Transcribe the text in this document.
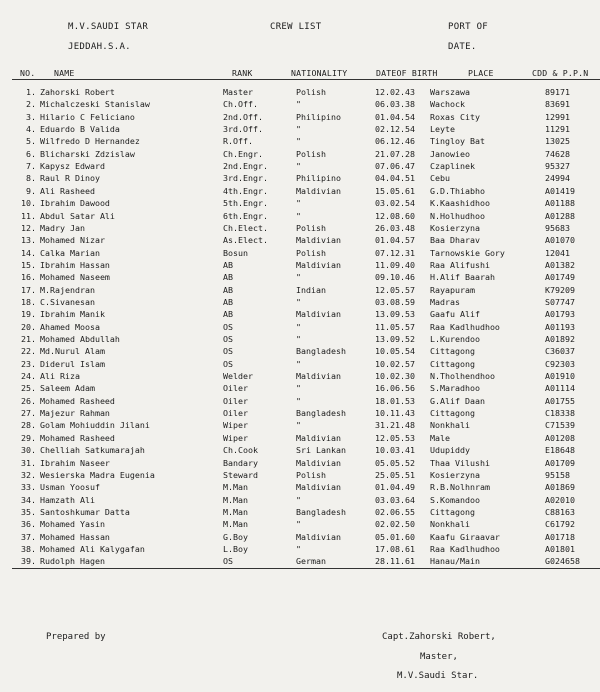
M.V.SAUDI STAR
JEDDAH.S.A.
CREW LIST	PORT OF
DATE.
NO. NAME	RANK	NATIONALITY	DATEOF BIRTH	PLACE	CDD & P.P.N
1. Zahorski Robert	Master	Polish	12.02.43	Warszawa	89171
2. Michalczeski Stanislaw	Ch.Off.	"	06.03.38	Wachock	83691
3. Hilario C Feliciano	2nd.Off.	Philipino	01.04.54	Roxas City	12991
4. Eduardo B Valida	3rd.Off.	"	02.12.54	Leyte	11291
5. Wilfredo D Hernandez	R.Off.	"	06.12.46	Tingloy Bat	13025
6. Blicharski Zdzislaw	Ch.Engr.	Polish	21.07.28	Janowieo	74628
7. Kapysz Edward	2nd.Engr.	"	07.06.47	Czaplinek	95327
8. Raul R Dinoy	3rd.Engr.	Philipino	04.04.51	Cebu	24994
9. Ali Rasheed	4th.Engr.	Maldivian	15.05.61	G.D.Thiabho	A01419
10. Ibrahim Dawood	5th.Engr.	"	03.02.54	K.Kaashidhoo	A01188
11. Abdul Satar Ali	6th.Engr.	"	12.08.60	N.Holhudhoo	A01288
12. Madry Jan	Ch.Elect.	Polish	26.03.48	Kosierzyna	95683
13. Mohamed Nizar	As.Elect.	Maldivian	01.04.57	Baa Dharav	A01070
14. Calka Marian	Bosun	Polish	07.12.31	Tarnowskie Gory	12041
15. Ibrahim Hassan	AB	Maldivian	11.09.40	Raa Alifushi	A01382
16. Mohamed Naseem	AB	"	09.10.46	H.Alif Baarah	A01749
17. M.Rajendran	AB	Indian	12.05.57	Rayapuram	K79209
18. C.Sivanesan	AB	"	03.08.59	Madras	S07747
19. Ibrahim Manik	AB	Maldivian	13.09.53	Gaafu Alif	A01793
20. Ahamed Moosa	OS	"	11.05.57	Raa Kadlhudhoo	A01193
21. Mohamed Abdullah	OS	"	13.09.52	L.Kurendoo	A01892
22. Md.Nurul Alam	OS	Bangladesh	10.05.54	Cittagong	C36037
23. Diderul Islam	OS	"	10.02.57	Cittagong	C92303
24. Ali Riza	Welder	Maldivian	10.02.30	N.Tholhendhoo	A01910
25. Saleem Adam	Oiler	"	16.06.56	S.Maradhoo	A01114
26. Mohamed Rasheed	Oiler	"	18.01.53	G.Alif Daan	A01755
27. Majezur Rahman	Oiler	Bangladesh	10.11.43	Cittagong	C18338
28. Golam Mohiuddin Jilani	Wiper	"	31.21.48	Nonkhali	C71539
29. Mohamed Rasheed	Wiper	Maldivian	12.05.53	Male	A01208
30. Chelliah Satkumarajah	Ch.Cook	Sri Lankan	10.03.41	Udupiddy	E18648
31. Ibrahim Naseer	Bandary	Maldivian	05.05.52	Thaa Vilushi	A01709
32. Wesierska Madra Eugenia	Steward	Polish	25.05.51	Kosierzyna	95158
33. Usman Yoosuf	M.Man	Maldivian	01.04.49	R.B.Nolhnram	A01869
34. Hamzath Ali	M.Man	"	03.03.64	S.Komandoo	A02010
35. Santoshkumar Datta	M.Man	Bangladesh	02.06.55	Cittagong	C88163
36. Mohamed Yasin	M.Man	"	02.02.50	Nonkhali	C61792
37. Mohamed Hassan	G.Boy	Maldivian	05.01.60	Kaafu Giraavar	A01718
38. Mohamed Ali Kalygafan	L.Boy	"	17.08.61	Raa Kadlhudhoo	A01801
39. Rudolph Hagen	OS	German	28.11.61	Hanau/Main	G024658
Prepared by	Capt.Zahorski Robert,
Master,
M.V.Saudi Star.
